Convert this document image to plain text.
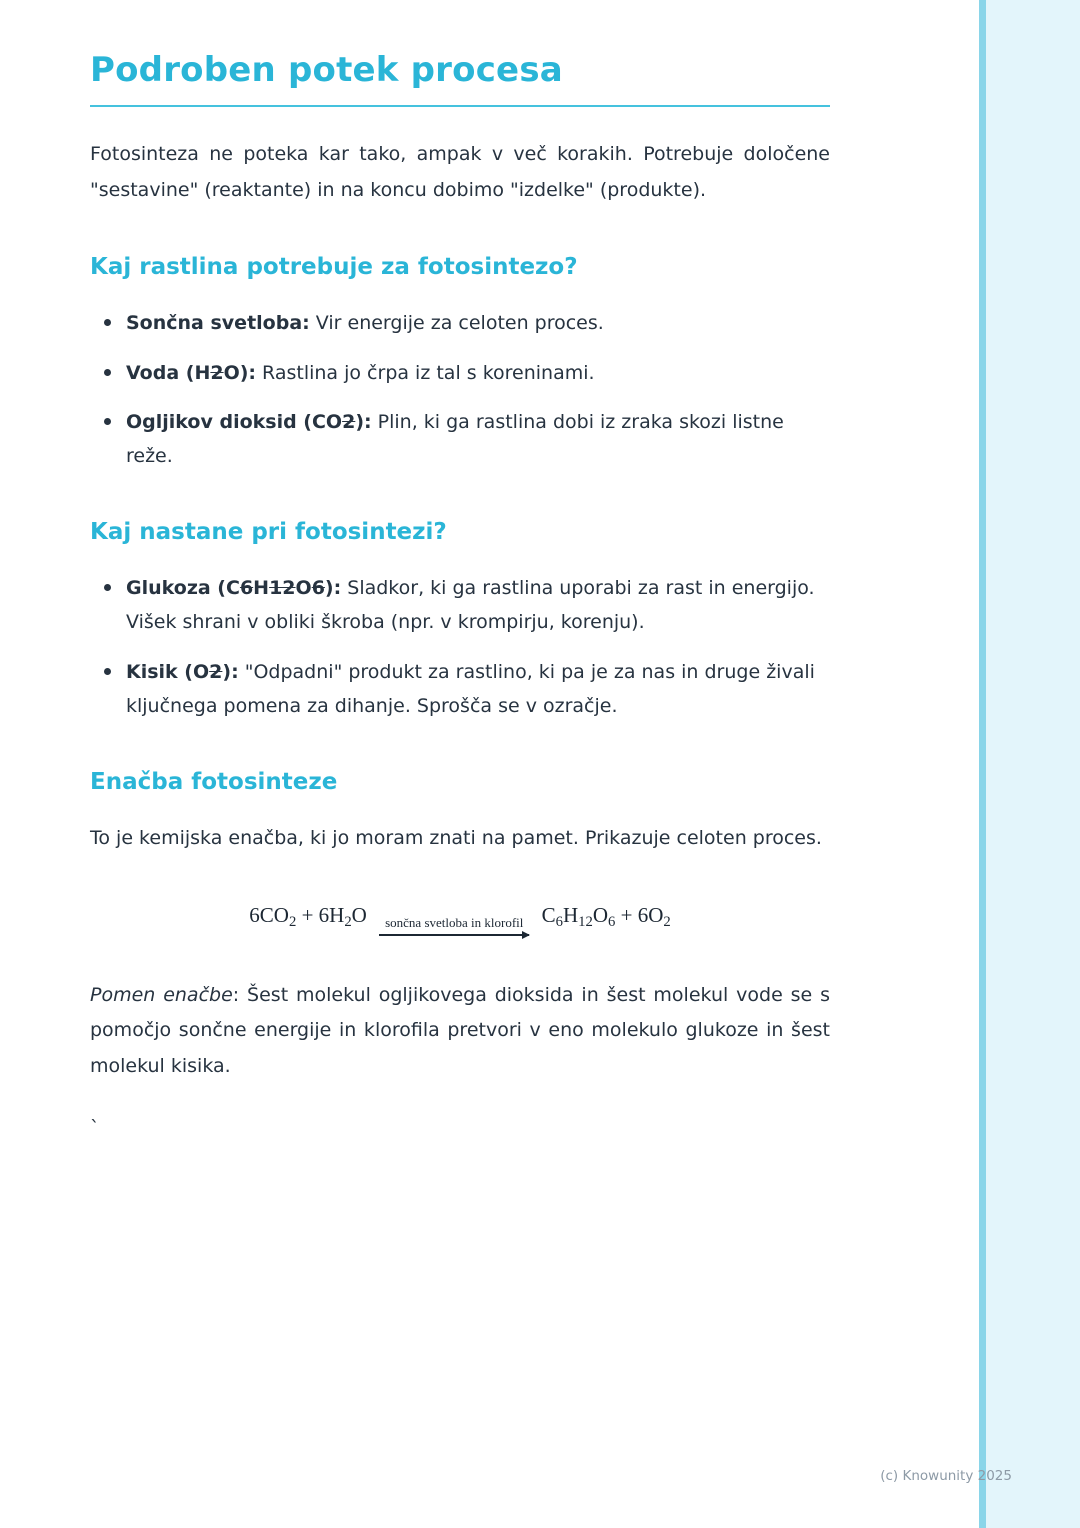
Podroben potek procesa

Fotosinteza ne poteka kar tako, ampak v več korakih. Potrebuje določene "sestavine" (reaktante) in na koncu dobimo "izdelke" (produkte).

Kaj rastlina potrebuje za fotosintezo?
Sončna svetloba: Vir energije za celoten proces.
Voda (H2O): Rastlina jo črpa iz tal s koreninami.
Ogljikov dioksid (CO2): Plin, ki ga rastlina dobi iz zraka skozi listne reže.
Kaj nastane pri fotosintezi?
Glukoza (C6H12O6): Sladkor, ki ga rastlina uporabi za rast in energijo. Višek shrani v obliki škroba (npr. v krompirju, korenju).
Kisik (O2): "Odpadni" produkt za rastlino, ki pa je za nas in druge živali ključnega pomena za dihanje. Sprošča se v ozračje.
Enačba fotosinteze

To je kemijska enačba, ki jo moram znati na pamet. Prikazuje celoten proces.

6CO2 + 6H2O	sončna svetloba in klorofil C6H12O6 + 6O2

Pomen enačbe: Šest molekul ogljikovega dioksida in šest molekul vode se s pomočjo sončne energije in klorofila pretvori v eno molekulo glukoze in šest molekul kisika.

`

(c) Knowunity 2025
